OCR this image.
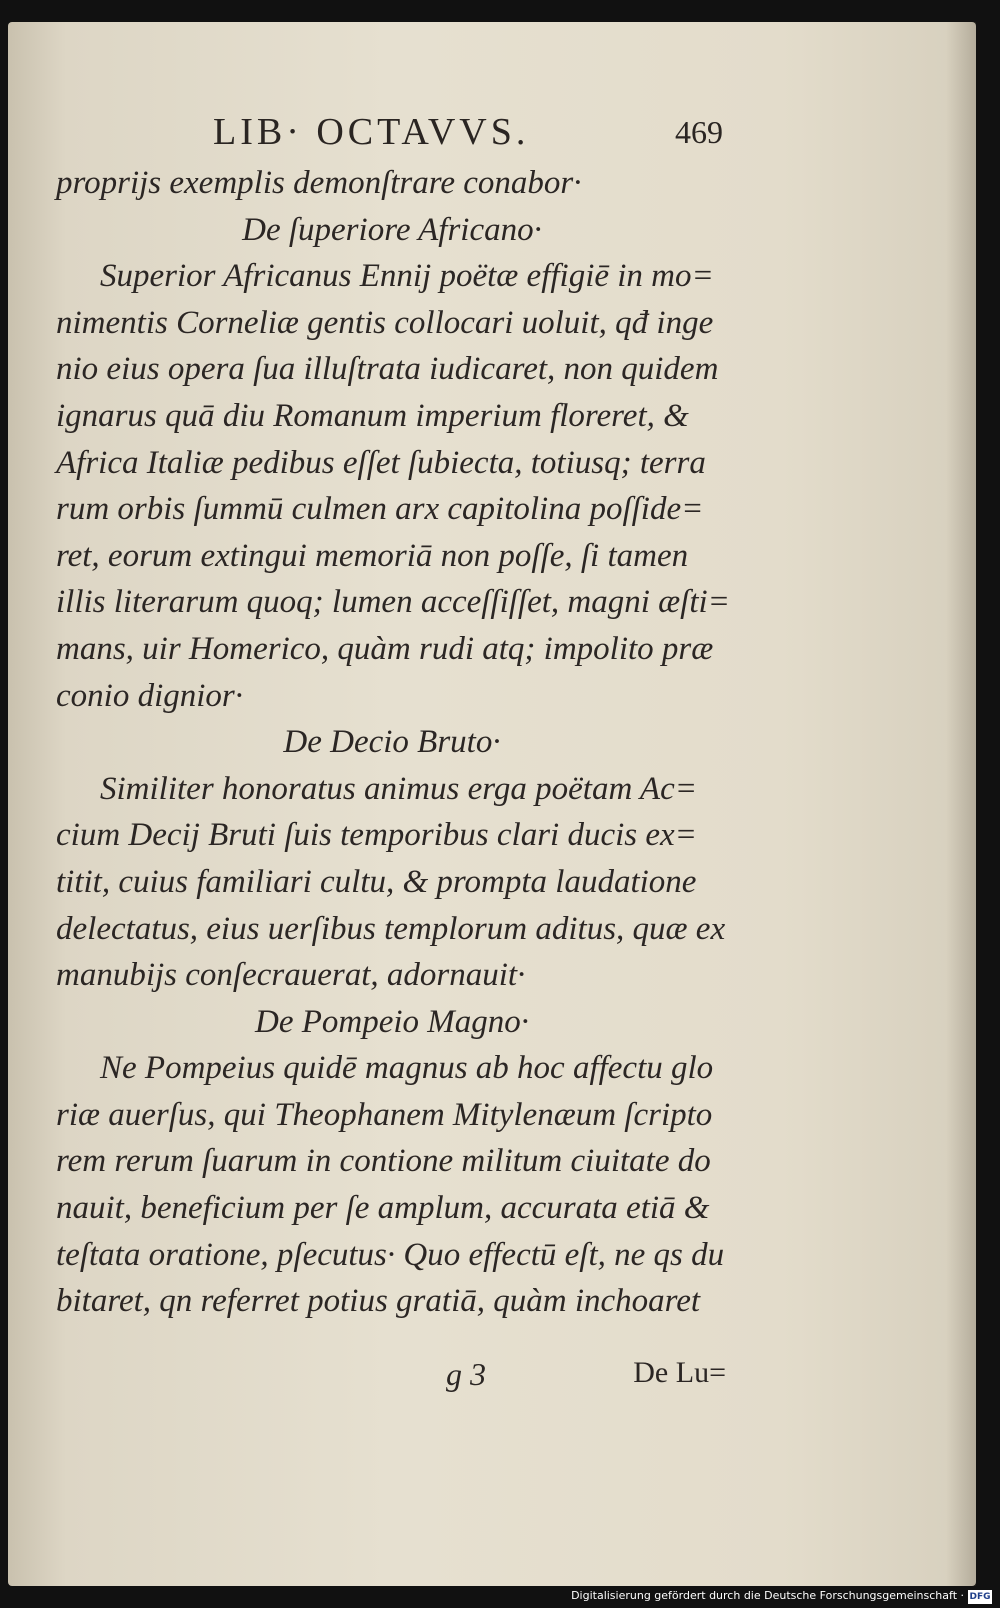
LIB· OCTAVVS.	469
proprijs exemplis demonſtrare conabor·
De ſuperiore Africano·
Superior Africanus Ennij poëtæ effigiē in mo=
nimentis Corneliæ gentis collocari uoluit, qđ inge
nio eius opera ſua illuſtrata iudicaret, non quidem
ignarus quā diu Romanum imperium floreret, &
Africa Italiæ pedibus eſſet ſubiecta, totiusq; terra
rum orbis ſummū culmen arx capitolina poſſide=
ret, eorum extingui memoriā non poſſe, ſi tamen
illis literarum quoq; lumen acceſſiſſet, magni æſti=
mans, uir Homerico, quàm rudi atq; impolito præ
conio dignior·
De Decio Bruto·
Similiter honoratus animus erga poëtam Ac=
cium Decij Bruti ſuis temporibus clari ducis ex=
titit, cuius familiari cultu, & prompta laudatione
delectatus, eius uerſibus templorum aditus, quæ ex
manubijs conſecrauerat, adornauit·
De Pompeio Magno·
Ne Pompeius quidē magnus ab hoc affectu glo
riæ auerſus, qui Theophanem Mitylenæum ſcripto
rem rerum ſuarum in contione militum ciuitate do
nauit, beneficium per ſe amplum, accurata etiā &
teſtata oratione, pſecutus· Quo effectū eſt, ne qs du
bitaret, qn referret potius gratiā, quàm inchoaret
g 3	De Lu=
Digitalisierung gefördert durch die Deutsche Forschungsgemeinschaft · DFG
